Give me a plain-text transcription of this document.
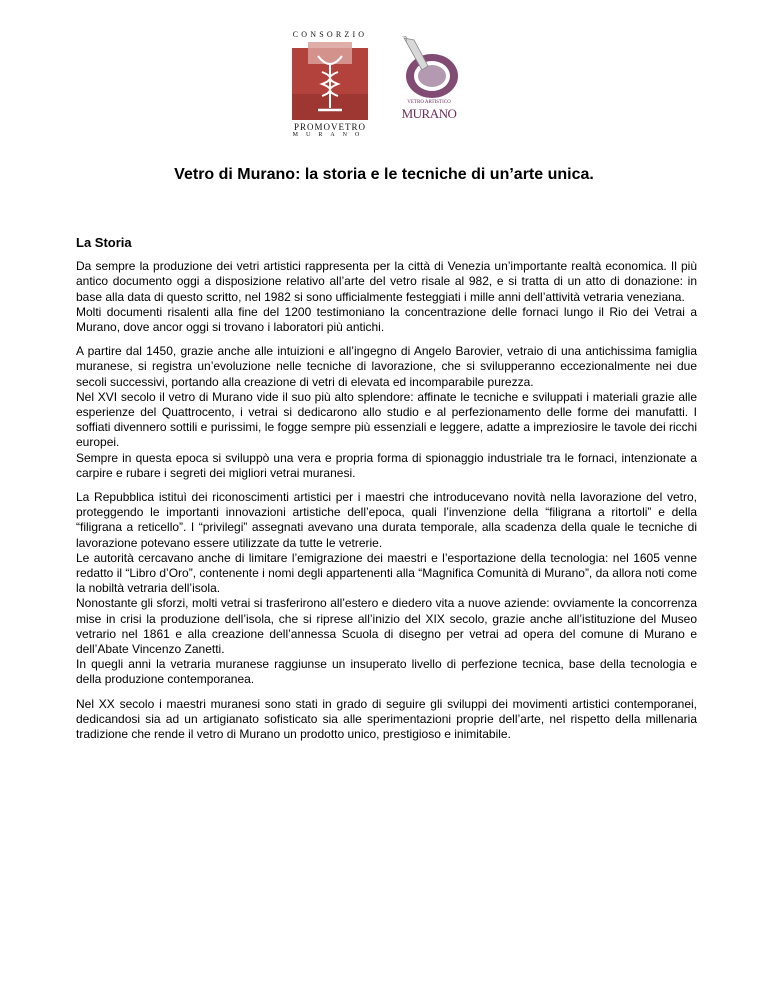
CONSORZIO
PROMOVETRO
MURANO
VETRO ARTISTICO
MURANO
Vetro di Murano: la storia e le tecniche di un’arte unica.
La Storia
Da sempre la produzione dei vetri artistici rappresenta per la città di Venezia un’importante realtà economica. Il più antico documento oggi a disposizione relativo all’arte del vetro risale al 982, e si tratta di un atto di donazione: in base alla data di questo scritto, nel 1982 si sono ufficialmente festeggiati i mille anni dell’attività vetraria veneziana.
Molti documenti risalenti alla fine del 1200 testimoniano la concentrazione delle fornaci lungo il Rio dei Vetrai a Murano, dove ancor oggi si trovano i laboratori più antichi.
A partire dal 1450, grazie anche alle intuizioni e all’ingegno di Angelo Barovier, vetraio di una antichissima famiglia muranese, si registra un’evoluzione nelle tecniche di lavorazione, che si svilupperanno eccezionalmente nei due secoli successivi, portando alla creazione di vetri di elevata ed incomparabile purezza.
Nel XVI secolo il vetro di Murano vide il suo più alto splendore: affinate le tecniche e sviluppati i materiali grazie alle esperienze del Quattrocento, i vetrai si dedicarono allo studio e al perfezionamento delle forme dei manufatti. I soffiati divennero sottili e purissimi, le fogge sempre più essenziali e leggere, adatte a impreziosire le tavole dei ricchi europei.
Sempre in questa epoca si sviluppò una vera e propria forma di spionaggio industriale tra le fornaci, intenzionate a carpire e rubare i segreti dei migliori vetrai muranesi.
La Repubblica istituì dei riconoscimenti artistici per i maestri che introducevano novità nella lavorazione del vetro, proteggendo le importanti innovazioni artistiche dell’epoca, quali l’invenzione della “filigrana a ritortoli” e della “filigrana a reticello”. I “privilegi” assegnati avevano una durata temporale, alla scadenza della quale le tecniche di lavorazione potevano essere utilizzate da tutte le vetrerie.
Le autorità cercavano anche di limitare l’emigrazione dei maestri e l’esportazione della tecnologia: nel 1605 venne redatto il “Libro d’Oro”, contenente i nomi degli appartenenti alla “Magnifica Comunità di Murano”, da allora noti come la nobiltà vetraria dell’isola.
Nonostante gli sforzi, molti vetrai si trasferirono all’estero e diedero vita a nuove aziende: ovviamente la concorrenza mise in crisi la produzione dell’isola, che si riprese all’inizio del XIX secolo, grazie anche all’istituzione del Museo vetrario nel 1861 e alla creazione dell’annessa Scuola di disegno per vetrai ad opera del comune di Murano e dell’Abate Vincenzo Zanetti.
In quegli anni la vetraria muranese raggiunse un insuperato livello di perfezione tecnica, base della tecnologia e della produzione contemporanea.
Nel XX secolo i maestri muranesi sono stati in grado di seguire gli sviluppi dei movimenti artistici contemporanei, dedicandosi sia ad un artigianato sofisticato sia alle sperimentazioni proprie dell’arte, nel rispetto della millenaria tradizione che rende il vetro di Murano un prodotto unico, prestigioso e inimitabile.
